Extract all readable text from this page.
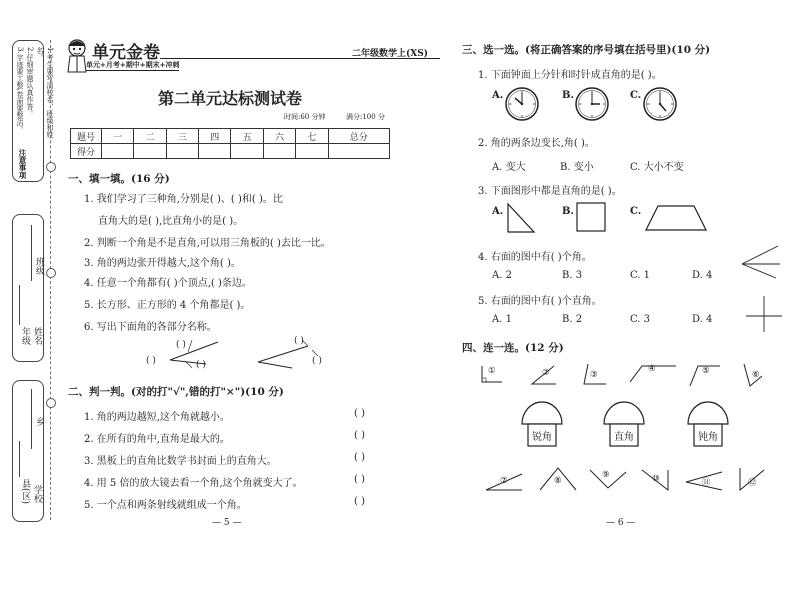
1.考生要写清校名、班级和姓名。
2.仔细审题认真作答。
3.字迹要工整,卷面要整洁。
注意事项
班级
年级 姓名
乡
县(区) 学校
单元金卷
单元+月考+期中+期末+冲刺
二年级数学上(XS)
第二单元达标测试卷
时间:60 分钟	满分:100 分
题号	一	二	三	四	五	六	七	总分
得分								
一、填一填。(16 分)
1. 我们学习了三种角,分别是( )、( )和( )。比
直角大的是( ),比直角小的是( )。
2. 判断一个角是不是直角,可以用三角板的( )去比一比。
3. 角的两边张开得越大,这个角( )。
4. 任意一个角都有( )个顶点,( )条边。
5. 长方形、正方形的 4 个角都是( )。
6. 写出下面角的各部分名称。
( )
( )
( )
( )
( )
二、判一判。(对的打"√",错的打"×")(10 分)
1. 角的两边越短,这个角就越小。	( )
2. 在所有的角中,直角是最大的。	( )
3. 黑板上的直角比数学书封面上的直角大。	( )
4. 用 5 倍的放大镜去看一个角,这个角就变大了。	( )
5. 一个点和两条射线就组成一个角。	( )
— 5 —
三、选一选。(将正确答案的序号填在括号里)(10 分)
1. 下面钟面上分针和时针成直角的是( )。
A.	B.	C.
2. 角的两条边变长,角( )。
A. 变大	B. 变小	C. 大小不变
3. 下面图形中都是直角的是( )。
A.	B.	C.
4. 右面的图中有( )个角。
A. 2	B. 3	C. 1	D. 4
5. 右面的图中有( )个直角。
A. 1	B. 2	C. 3	D. 4
四、连一连。(12 分)
①	②	③
④	⑤	⑥
锐角	直角	钝角
⑦	⑧
⑨	⑩	⑪	⑫
— 6 —
